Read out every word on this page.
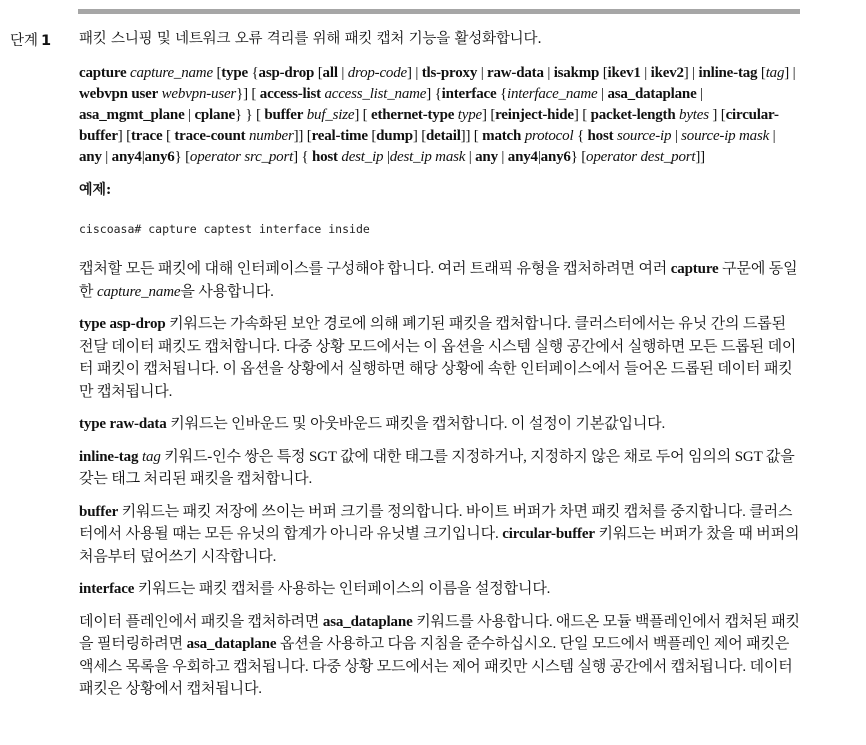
단계 1 패킷 스니핑 및 네트워크 오류 격리를 위해 패킷 캡처 기능을 활성화합니다.

capture capture_name [type {asp-drop [all | drop-code] | tls-proxy | raw-data | isakmp [ikev1 | ikev2] | inline-tag [tag] | webvpn user webvpn-user}] [ access-list access_list_name] {interface {interface_name | asa_dataplane | asa_mgmt_plane | cplane} } [ buffer buf_size] [ ethernet-type type] [reinject-hide] [ packet-length bytes ] [circular-buffer] [trace [ trace-count number]] [real-time [dump] [detail]] [ match protocol { host source-ip | source-ip mask | any | any4|any6} [operator src_port] { host dest_ip |dest_ip mask | any | any4|any6} [operator dest_port]]

예제:

ciscoasa# capture captest interface inside

캡처할 모든 패킷에 대해 인터페이스를 구성해야 합니다. 여러 트래픽 유형을 캡처하려면 여러 capture 구문에 동일한 capture_name을 사용합니다.

type asp-drop 키워드는 가속화된 보안 경로에 의해 폐기된 패킷을 캡처합니다. 클러스터에서는 유닛 간의 드롭된 전달 데이터 패킷도 캡처합니다. 다중 상황 모드에서는 이 옵션을 시스템 실행 공간에서 실행하면 모든 드롭된 데이터 패킷이 캡처됩니다. 이 옵션을 상황에서 실행하면 해당 상황에 속한 인터페이스에서 들어온 드롭된 데이터 패킷만 캡처됩니다.

type raw-data 키워드는 인바운드 및 아웃바운드 패킷을 캡처합니다. 이 설정이 기본값입니다.

inline-tag tag 키워드-인수 쌍은 특정 SGT 값에 대한 태그를 지정하거나, 지정하지 않은 채로 두어 임의의 SGT 값을 갖는 태그 처리된 패킷을 캡처합니다.

buffer 키워드는 패킷 저장에 쓰이는 버퍼 크기를 정의합니다. 바이트 버퍼가 차면 패킷 캡처를 중지합니다. 클러스터에서 사용될 때는 모든 유닛의 합계가 아니라 유닛별 크기입니다. circular-buffer 키워드는 버퍼가 찼을 때 버퍼의 처음부터 덮어쓰기 시작합니다.

interface 키워드는 패킷 캡처를 사용하는 인터페이스의 이름을 설정합니다.

데이터 플레인에서 패킷을 캡처하려면 asa_dataplane 키워드를 사용합니다. 애드온 모듈 백플레인에서 캡처된 패킷을 필터링하려면 asa_dataplane 옵션을 사용하고 다음 지침을 준수하십시오. 단일 모드에서 백플레인 제어 패킷은 액세스 목록을 우회하고 캡처됩니다. 다중 상황 모드에서는 제어 패킷만 시스템 실행 공간에서 캡처됩니다. 데이터 패킷은 상황에서 캡처됩니다.
